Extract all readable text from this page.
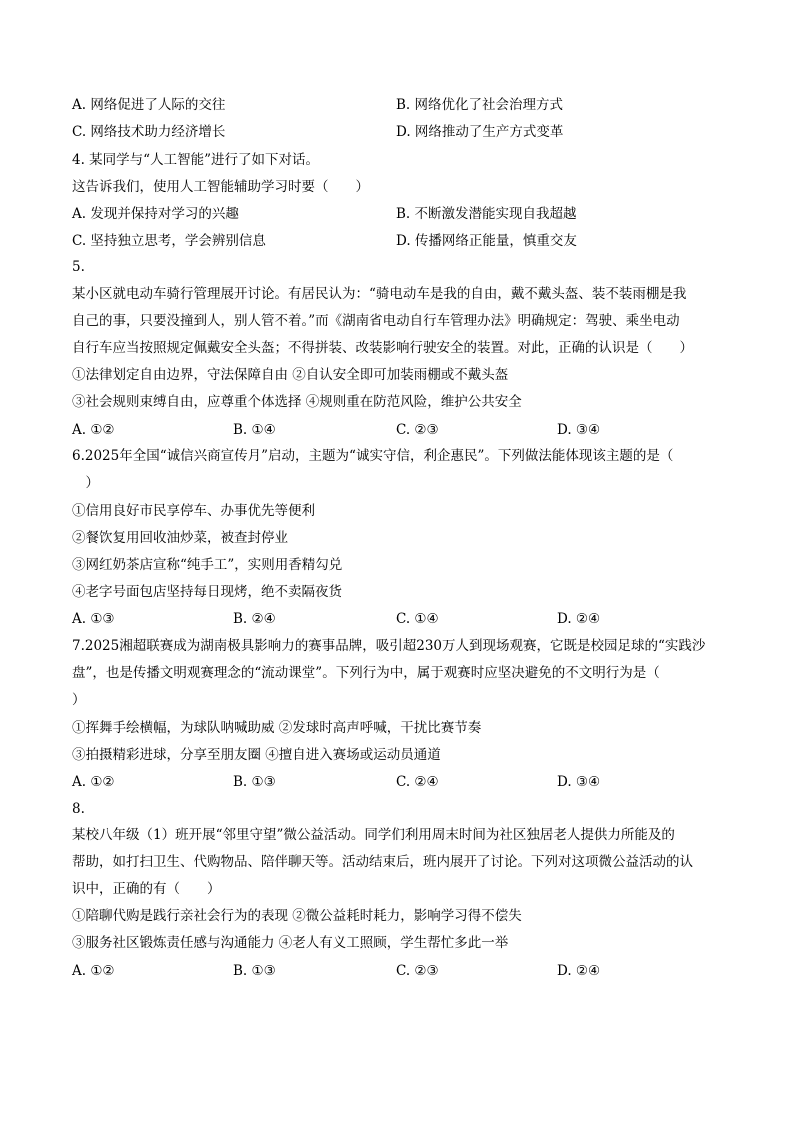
A. 网络促进了人际的交往	B. 网络优化了社会治理方式
C. 网络技术助力经济增长	D. 网络推动了生产方式变革
4. 某同学与“人工智能”进行了如下对话。
这告诉我们，使用人工智能辅助学习时要（　　）
A. 发现并保持对学习的兴趣	B. 不断激发潜能实现自我超越
C. 坚持独立思考，学会辨别信息	D. 传播网络正能量，慎重交友
5.
某小区就电动车骑行管理展开讨论。有居民认为：“骑电动车是我的自由，戴不戴头盔、装不装雨棚是我
自己的事，只要没撞到人，别人管不着。”而《湖南省电动自行车管理办法》明确规定：驾驶、乘坐电动
自行车应当按照规定佩戴安全头盔；不得拼装、改装影响行驶安全的装置。对此，正确的认识是（　　）
①法律划定自由边界，守法保障自由 ②自认安全即可加装雨棚或不戴头盔
③社会规则束缚自由，应尊重个体选择 ④规则重在防范风险，维护公共安全
A. ①②	B. ①④	C. ②③	D. ③④
6.2025年全国“诚信兴商宣传月”启动，主题为“诚实守信，利企惠民”。下列做法能体现该主题的是（
　）
①信用良好市民享停车、办事优先等便利
②餐饮复用回收油炒菜，被查封停业
③网红奶茶店宣称“纯手工”，实则用香精勾兑
④老字号面包店坚持每日现烤，绝不卖隔夜货
A. ①③	B. ②④	C. ①④	D. ②④
7.2025湘超联赛成为湖南极具影响力的赛事品牌，吸引超230万人到现场观赛，它既是校园足球的“实践沙
盘”，也是传播文明观赛理念的“流动课堂”。下列行为中，属于观赛时应坚决避免的不文明行为是（
）
①挥舞手绘横幅，为球队呐喊助威 ②发球时高声呼喊，干扰比赛节奏
③拍摄精彩进球，分享至朋友圈 ④擅自进入赛场或运动员通道
A. ①②	B. ①③	C. ②④	D. ③④
8.
某校八年级（1）班开展“邻里守望”微公益活动。同学们利用周末时间为社区独居老人提供力所能及的
帮助，如打扫卫生、代购物品、陪伴聊天等。活动结束后，班内展开了讨论。下列对这项微公益活动的认
识中，正确的有（　　）
①陪聊代购是践行亲社会行为的表现 ②微公益耗时耗力，影响学习得不偿失
③服务社区锻炼责任感与沟通能力 ④老人有义工照顾，学生帮忙多此一举
A. ①②	B. ①③	C. ②③	D. ②④
